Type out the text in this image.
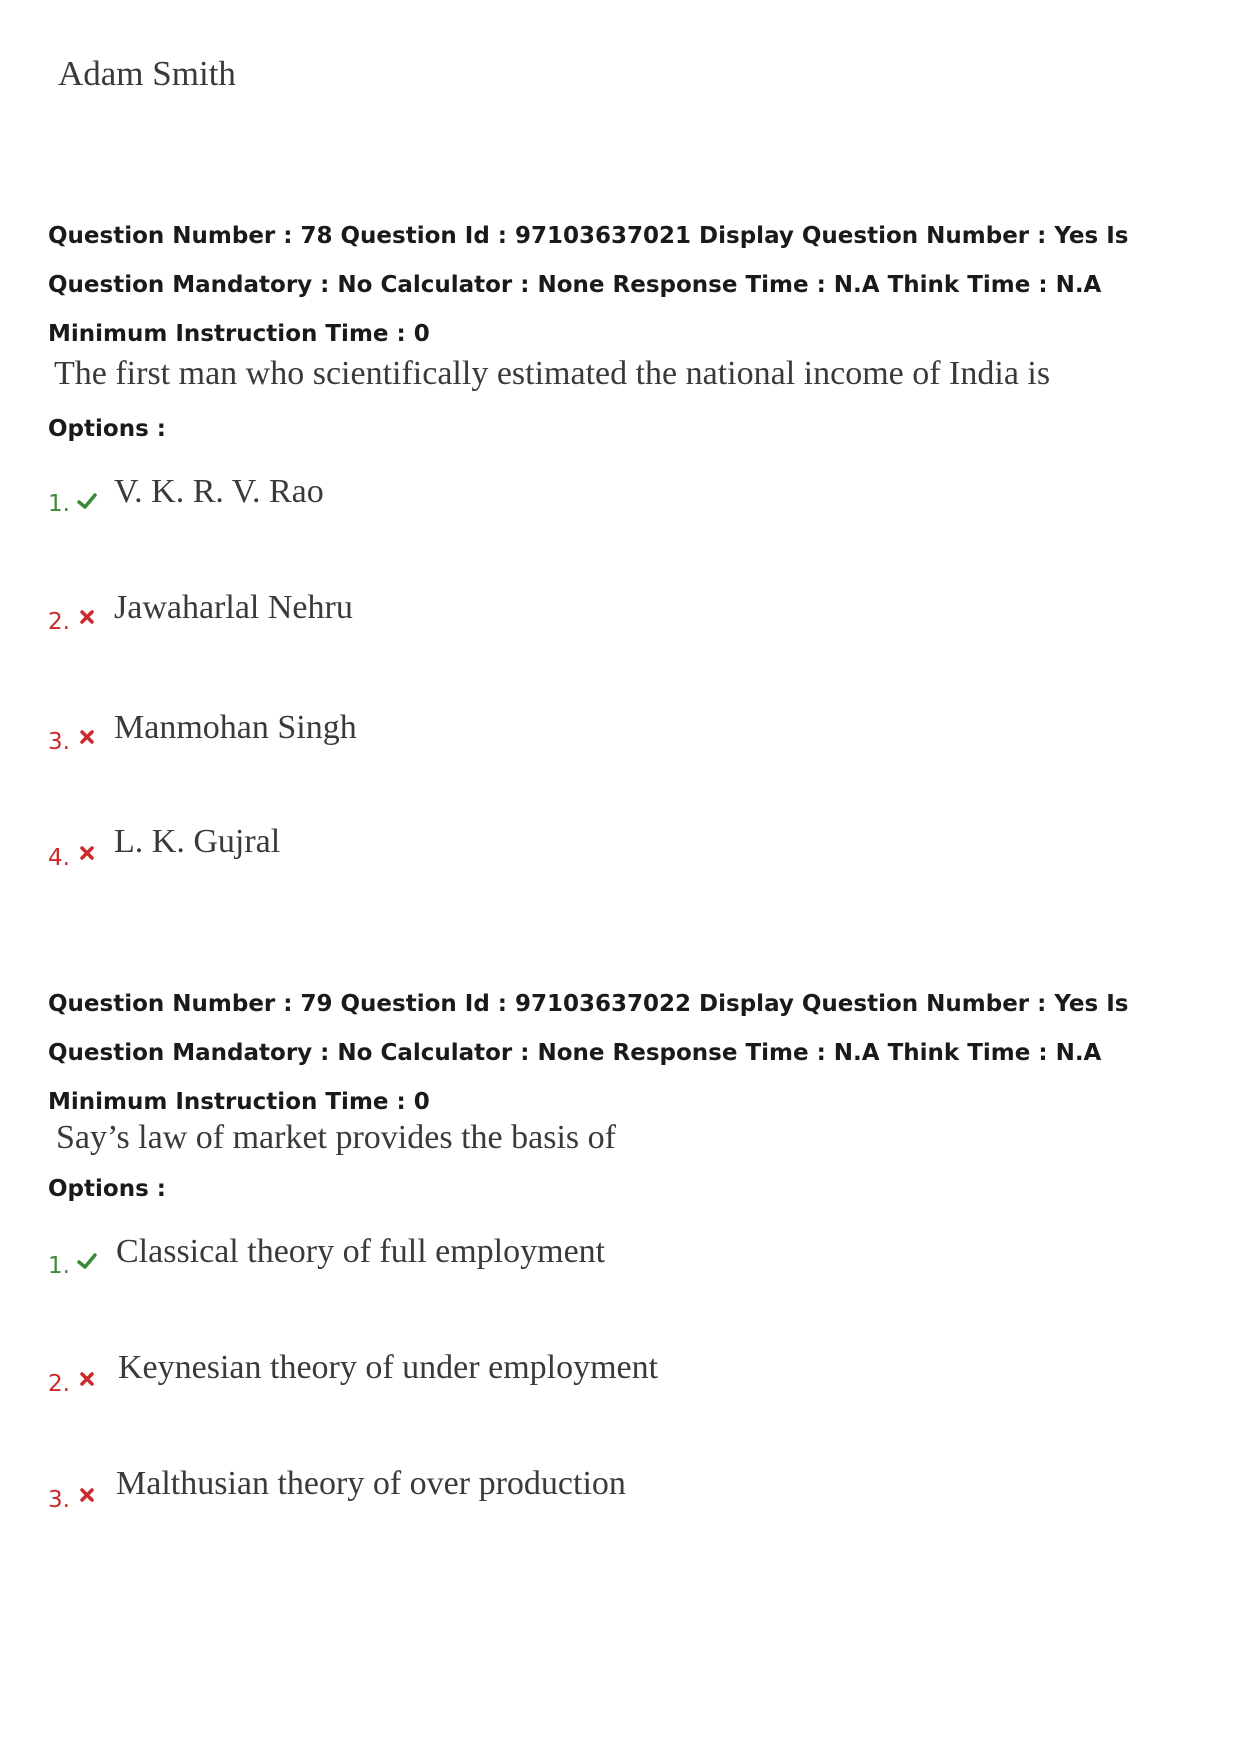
Adam Smith
Question Number : 78 Question Id : 97103637021 Display Question Number : Yes Is Question Mandatory : No Calculator : None Response Time : N.A Think Time : N.A Minimum Instruction Time : 0
The first man who scientifically estimated the national income of India is
Options :
1. V. K. R. V. Rao
2. Jawaharlal Nehru
3. Manmohan Singh
4. L. K. Gujral
Question Number : 79 Question Id : 97103637022 Display Question Number : Yes Is Question Mandatory : No Calculator : None Response Time : N.A Think Time : N.A Minimum Instruction Time : 0
Say’s law of market provides the basis of
Options :
1. Classical theory of full employment
2. Keynesian theory of under employment
3. Malthusian theory of over production
